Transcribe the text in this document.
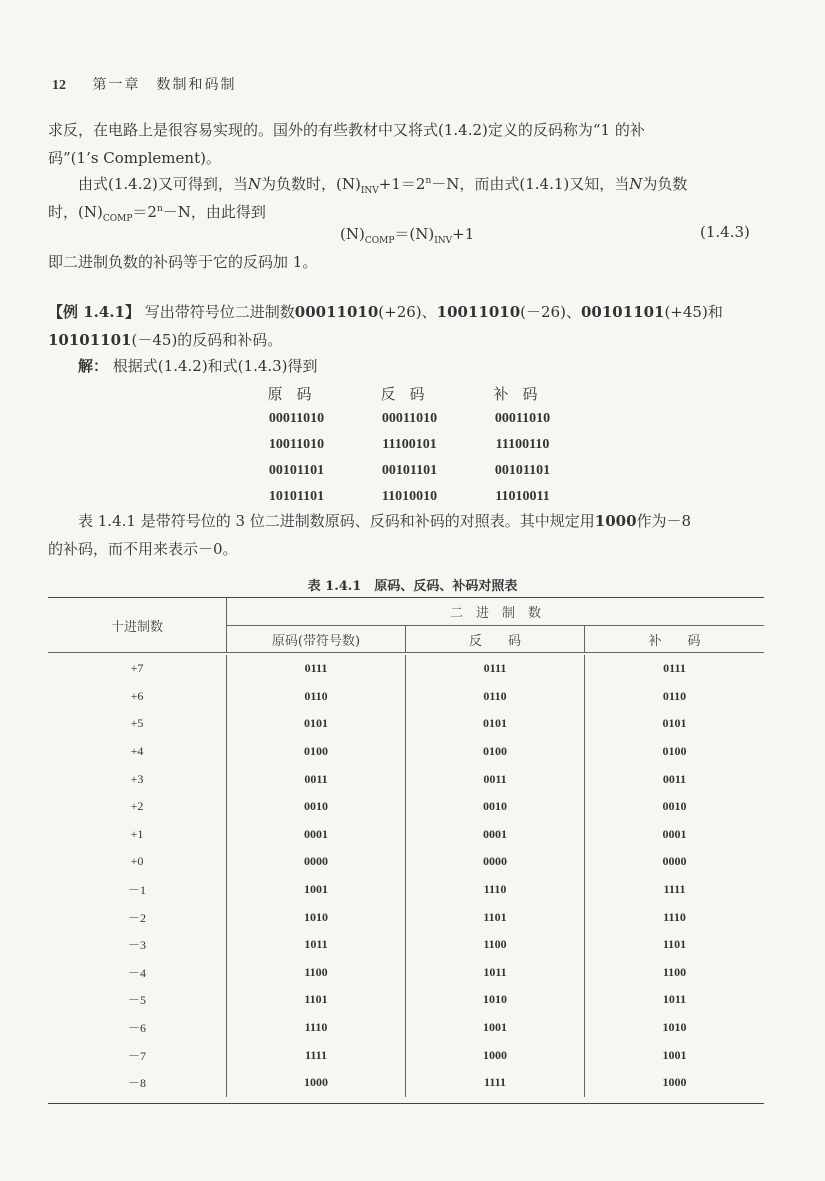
12 第一章　数制和码制
求反，在电路上是很容易实现的。国外的有些教材中又将式(1.4.2)定义的反码称为“1 的补
码”(1’s Complement)。
由式(1.4.2)又可得到，当N为负数时，$(N)_{INV}+1=2^n-N$，而由式(1.4.1)又知，当N为负数
时，$(N)_{COMP}=2^n-N$，由此得到
$(N)_{COMP}=(N)_{INV}+1$	(1.4.3)
即二进制负数的补码等于它的反码加 1。
【例 1.4.1】 写出带符号位二进制数00011010(+26)、10011010(－26)、00101101(+45)和10101101(－45)的反码和补码。
解： 根据式(1.4.2)和式(1.4.3)得到
原码	反码	补码
00011010	00011010	00011010
10011010	11100101	11100110
00101101	00101101	00101101
10101101	11010010	11010011
表 1.4.1 是带符号位的 3 位二进制数原码、反码和补码的对照表。其中规定用1000作为－8
的补码，而不用来表示－0。
表 1.4.1　原码、反码、补码对照表
十进制数
二　进　制　数
原码(带符号数)	反　　码	补　　码
+7	0111	0111	0111
+6	0110	0110	0110
+5	0101	0101	0101
+4	0100	0100	0100
+3	0011	0011	0011
+2	0010	0010	0010
+1	0001	0001	0001
+0	0000	0000	0000
－1	1001	1110	1111
－2	1010	1101	1110
－3	1011	1100	1101
－4	1100	1011	1100
－5	1101	1010	1011
－6	1110	1001	1010
－7	1111	1000	1001
－8	1000	1111	1000
